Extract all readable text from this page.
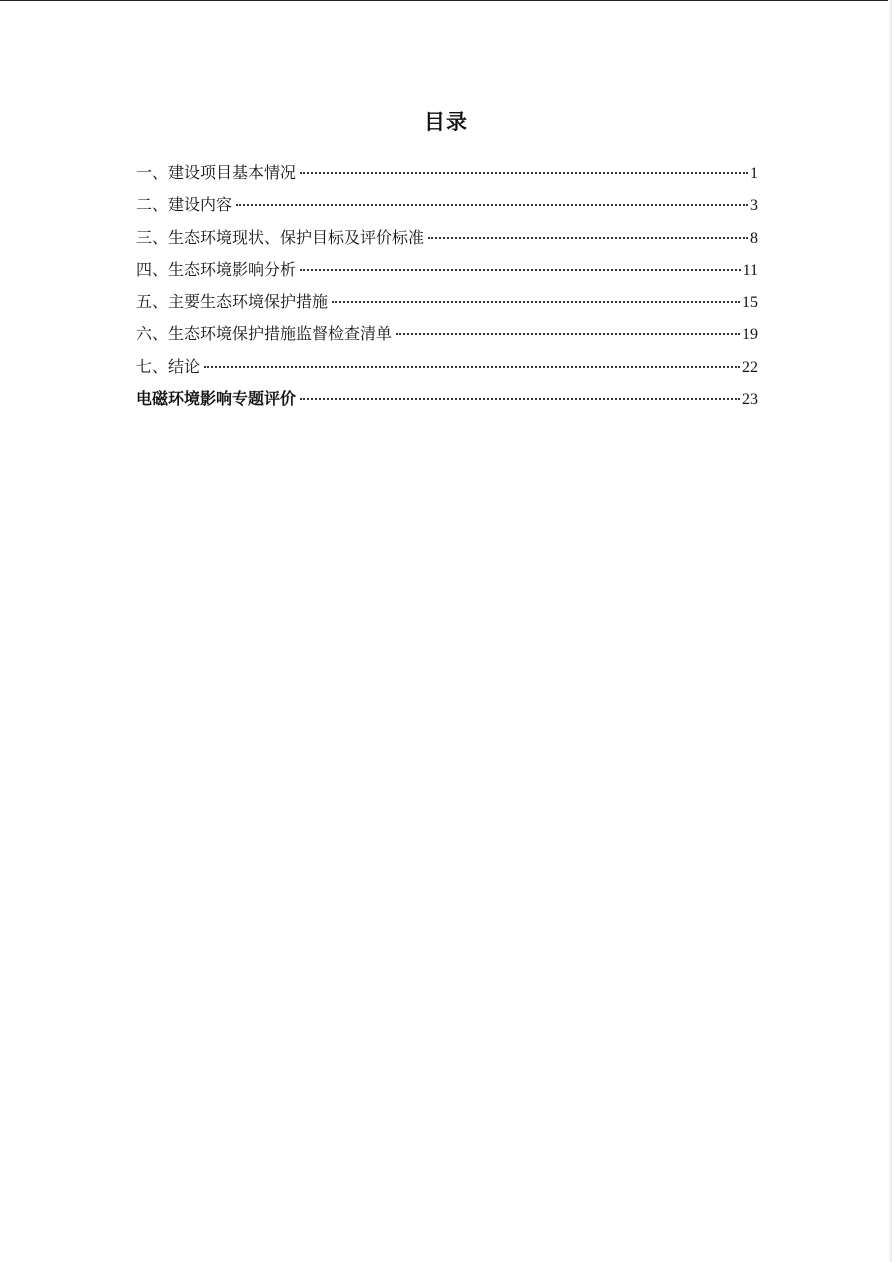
目录
一、建设项目基本情况	1
二、建设内容	3
三、生态环境现状、保护目标及评价标准	8
四、生态环境影响分析	11
五、主要生态环境保护措施	15
六、生态环境保护措施监督检查清单	19
七、结论	22
电磁环境影响专题评价	23
